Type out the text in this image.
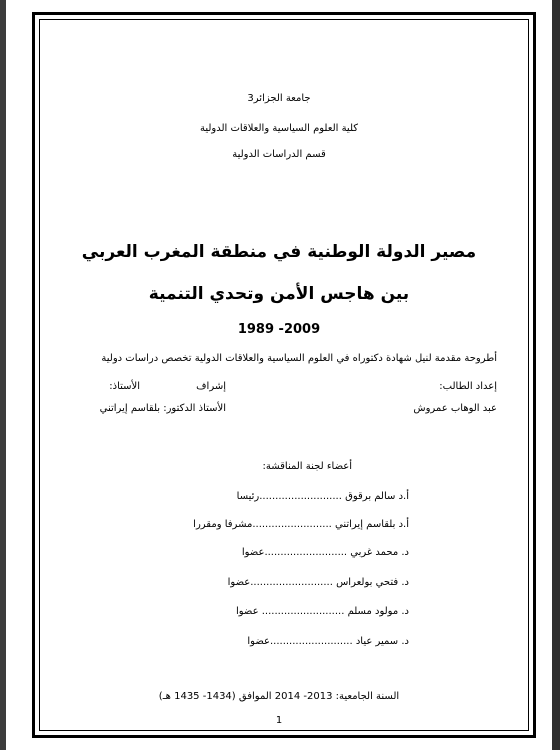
جامعة الجزائر3
كلية العلوم السياسية والعلاقات الدولية
قسم الدراسات الدولية
مصير الدولة الوطنية في منطقة المغرب العربي
بين هاجس الأمن وتحدي التنمية
1989 -2009
أطروحة مقدمة لنيل شهادة دكتوراه في العلوم السياسية والعلاقات الدولية تخصص دراسات دولية
إعداد الطالب:
إشراف
الأستاذ:
عبد الوهاب عمروش
الأستاذ الدكتور: بلقاسم إيراتني
أعضاء لجنة المناقشة:
أ.د سالم برقوق ..........................رئيسا
أ.د بلقاسم إيراتني .........................مشرفا ومقررا
د. محمد غربي ..........................عضوا
د. فتحي بولعراس ..........................عضوا
د. مولود مسلم .......................... عضوا
د. سمير عياد ..........................عضوا
السنة الجامعية: 2013- 2014 الموافق (1434- 1435 هـ)
1
